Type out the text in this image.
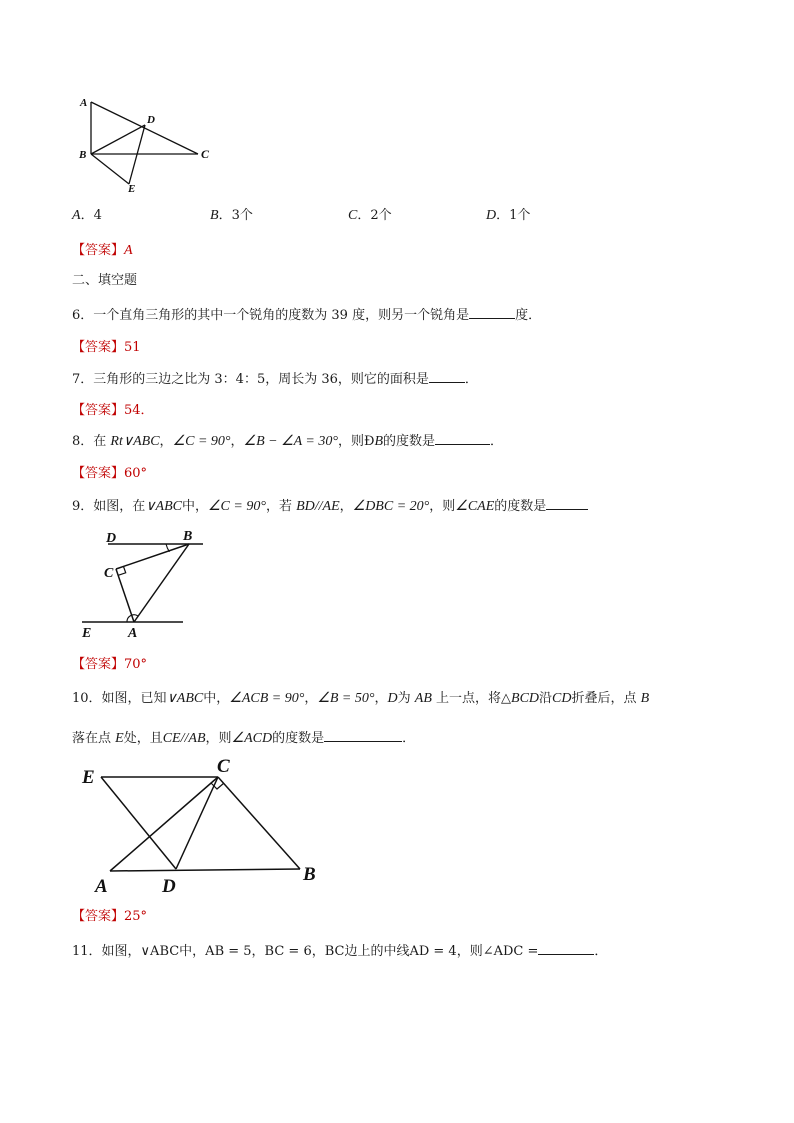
A
D
B	C
E
A．4	B．3个	C．2个	D．1个
【答案】A
二、填空题
6．一个直角三角形的其中一个锐角的度数为 39 度，则另一个锐角是	度．
【答案】51
7．三角形的三边之比为 3：4：5，周长为 36，则它的面积是	．
【答案】54．
8．在 Rt∨ABC，∠C = 90°，∠B − ∠A = 30°，则ÐB的度数是	．
【答案】60°
9．如图，在∨ABC中，∠C = 90°，若 BD//AE，∠DBC = 20°，则∠CAE的度数是
D	B
C
E	A
【答案】70°
10．如图，已知∨ABC中，∠ACB = 90°，∠B = 50°，D为 AB 上一点，将△BCD沿CD折叠后，点 B
落在点 E处，且CE//AB，则∠ACD的度数是	．
E
C
A	D
B
【答案】25°
11．如图，∨ABC中，AB = 5，BC = 6，BC边上的中线AD = 4，则∠ADC =	．
